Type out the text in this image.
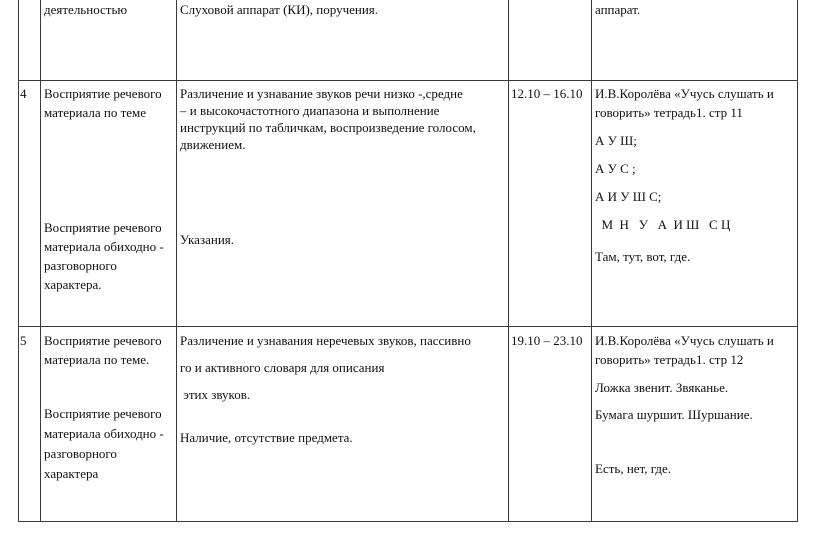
деятельностью	Слуховой аппарат (КИ), поручения.	аппарат.
4 Восприятие речевого
материала по теме
Восприятие речевого
материала обиходно -
разговорного
характера.
Различение и узнавание звуков речи низко -,средне
– и высокочастотного диапазона и выполнение
инструкций по табличкам, воспроизведение голосом,
движением.
Указания.
12.10 – 16.10 И.В.Королёва «Учусь слушать и
говорить» тетрадь1. стр 11
А У Ш;
А У С ;
А И У Ш С;
М  Н   У   А  И Ш   С Ц
Там, тут, вот, где.
5 Восприятие речевого
материала по теме.
Восприятие речевого
материала обиходно -
разговорного
характера
Различение и узнавания неречевых звуков, пассивно
го и активного словаря для описания
этих звуков.
Наличие, отсутствие предмета.
19.10 – 23.10 И.В.Королёва «Учусь слушать и
говорить» тетрадь1. стр 12
Ложка звенит. Звяканье.
Бумага шуршит. Шуршание.
Есть, нет, где.
